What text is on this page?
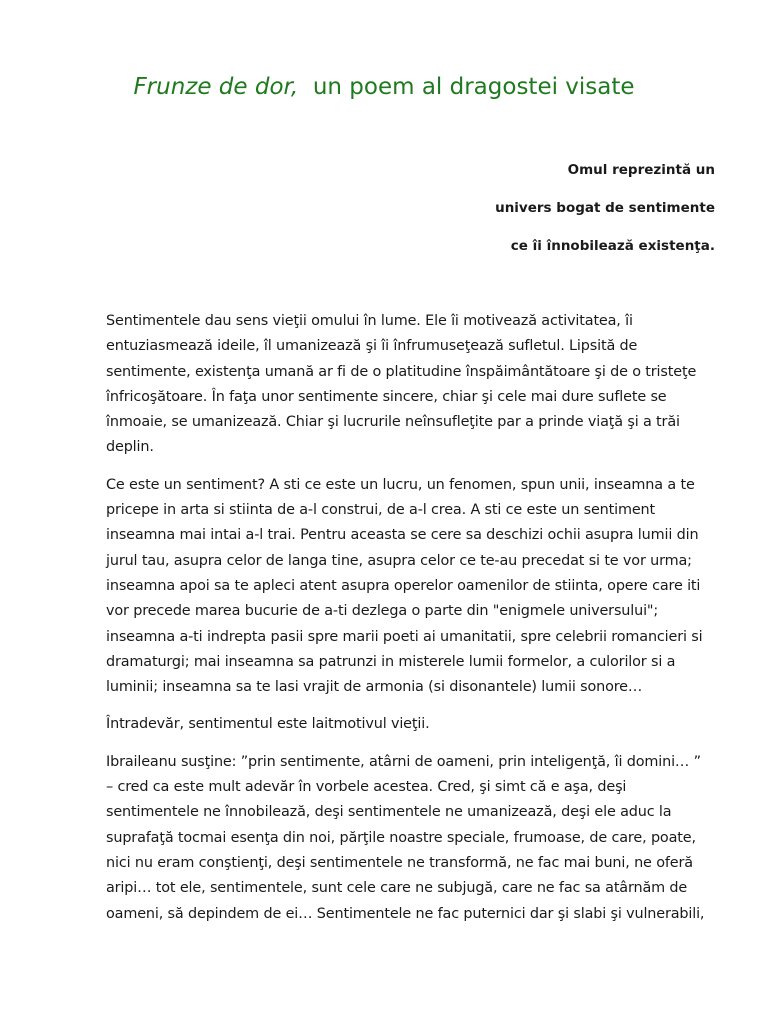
Frunze de dor, un poem al dragostei visate
Omul reprezintă un
univers bogat de sentimente
ce îi înnobilează existenţa.

Sentimentele dau sens vieţii omului în lume. Ele îi motivează activitatea, îi
entuziasmează ideile, îl umanizează şi îi înfrumuseţează sufletul. Lipsită de
sentimente, existenţa umană ar fi de o platitudine înspăimântătoare şi de o tristeţe
înfricoşătoare. În faţa unor sentimente sincere, chiar şi cele mai dure suflete se
înmoaie, se umanizează. Chiar şi lucrurile neînsufleţite par a prinde viaţă şi a trăi
deplin.

Ce este un sentiment? A sti ce este un lucru, un fenomen, spun unii, inseamna a te
pricepe in arta si stiinta de a-l construi, de a-l crea. A sti ce este un sentiment
inseamna mai intai a-l trai. Pentru aceasta se cere sa deschizi ochii asupra lumii din
jurul tau, asupra celor de langa tine, asupra celor ce te-au precedat si te vor urma;
inseamna apoi sa te apleci atent asupra operelor oamenilor de stiinta, opere care iti
vor precede marea bucurie de a-ti dezlega o parte din "enigmele universului";
inseamna a-ti indrepta pasii spre marii poeti ai umanitatii, spre celebrii romancieri si
dramaturgi; mai inseamna sa patrunzi in misterele lumii formelor, a culorilor si a
luminii; inseamna sa te lasi vrajit de armonia (si disonantele) lumii sonore…

Întradevăr, sentimentul este laitmotivul vieţii.

Ibraileanu susţine: ”prin sentimente, atârni de oameni, prin inteligenţă, îi domini… ”
– cred ca este mult adevăr în vorbele acestea. Cred, şi simt că e aşa, deşi
sentimentele ne înnobilează, deşi sentimentele ne umanizează, deşi ele aduc la
suprafaţă tocmai esenţa din noi, părţile noastre speciale, frumoase, de care, poate,
nici nu eram conştienţi, deşi sentimentele ne transformă, ne fac mai buni, ne oferă
aripi… tot ele, sentimentele, sunt cele care ne subjugă, care ne fac sa atârnăm de
oameni, să depindem de ei… Sentimentele ne fac puternici dar şi slabi şi vulnerabili,
